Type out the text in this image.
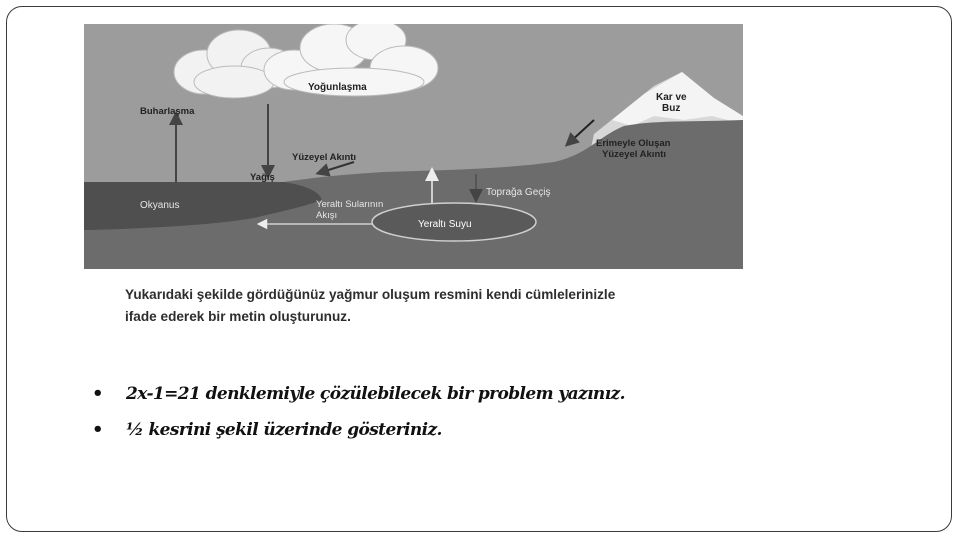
Buharlaşma
Yoğunlaşma
Yağış
Yüzeyel Akıntı
Okyanus	Yeraltı Sularının Akışı
Yeraltı Suyu
Toprağa Geçiş
Kar ve Buz
Erimeyle Oluşan Yüzeyel Akıntı
Yukarıdaki şekilde gördüğünüz yağmur oluşum resmini kendi cümlelerinizle
ifade ederek bir metin oluşturunuz.
• 2x-1=21 denklemiyle çözülebilecek bir problem yazınız.
• ½ kesrini şekil üzerinde gösteriniz.
